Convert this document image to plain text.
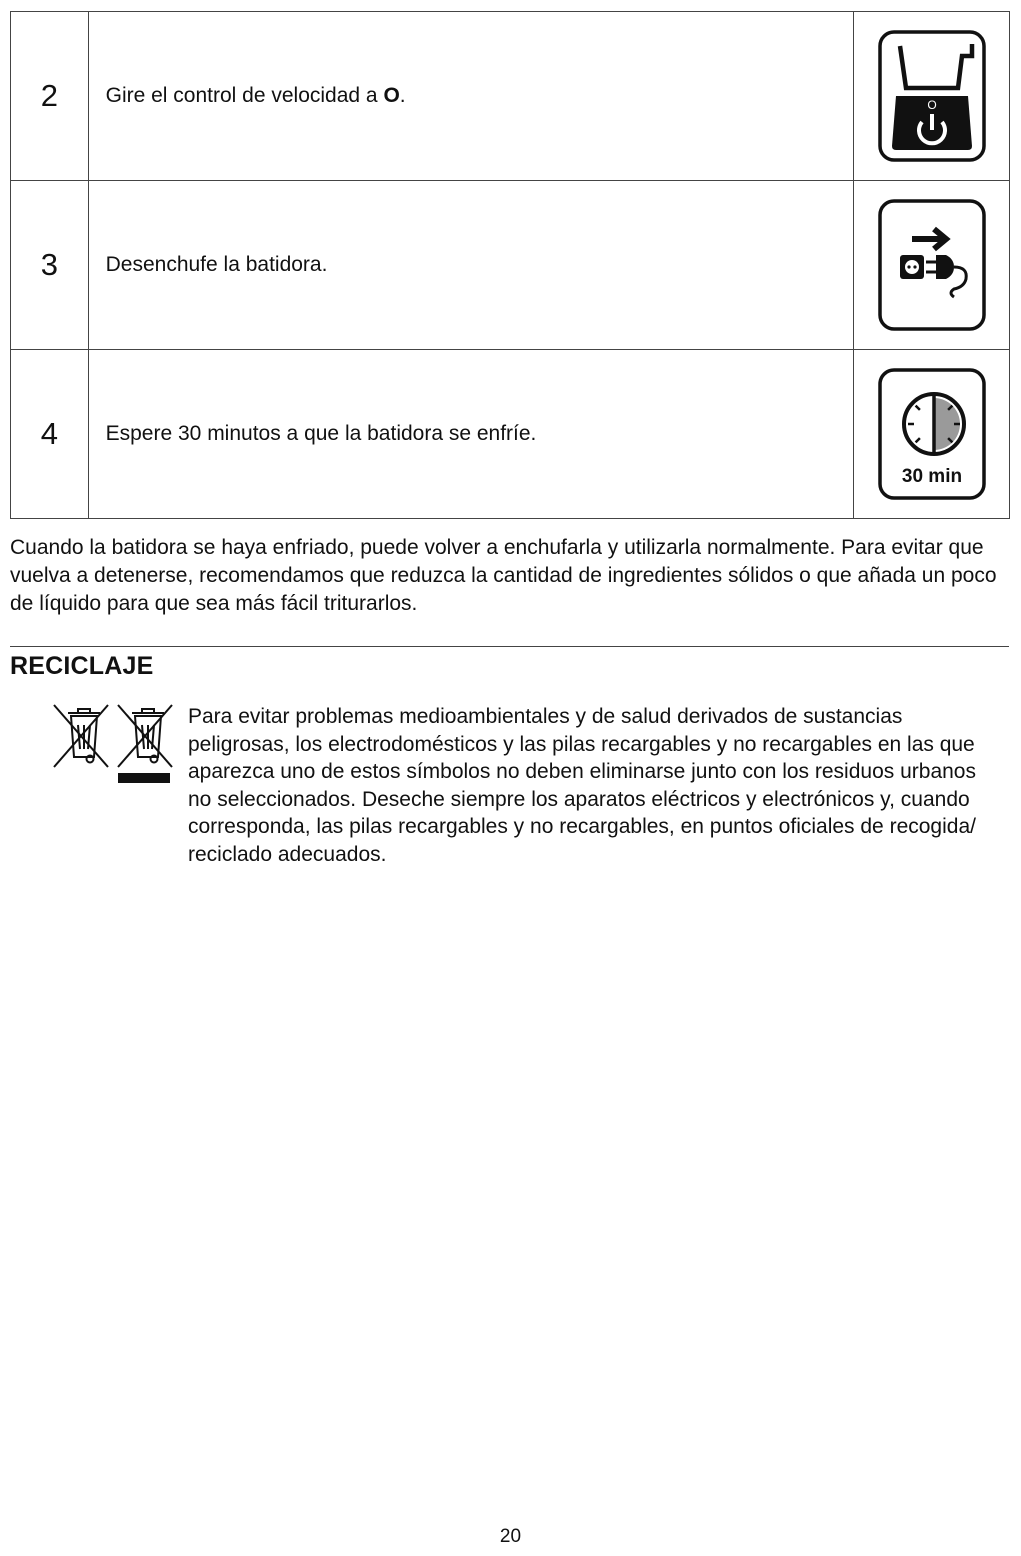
2	Gire el control de velocidad a O.	O

3	Desenchufe la batidora.	

4	Espere 30 minutos a que la batidora se enfríe.	30 min

Cuando la batidora se haya enfriado, puede volver a enchufarla y utilizarla normalmente. Para evitar que vuelva a detenerse, recomendamos que reduzca la cantidad de ingredientes sólidos o que añada un poco de líquido para que sea más fácil triturarlos.

RECICLAJE

Para evitar problemas medioambientales y de salud derivados de sustancias peligrosas, los electrodomésticos y las pilas recargables y no recargables en las que aparezca uno de estos símbolos no deben eliminarse junto con los residuos urbanos no seleccionados. Deseche siempre los aparatos eléctricos y electrónicos y, cuando corresponda, las pilas recargables y no recargables, en puntos oficiales de recogida/ reciclado adecuados.

20
